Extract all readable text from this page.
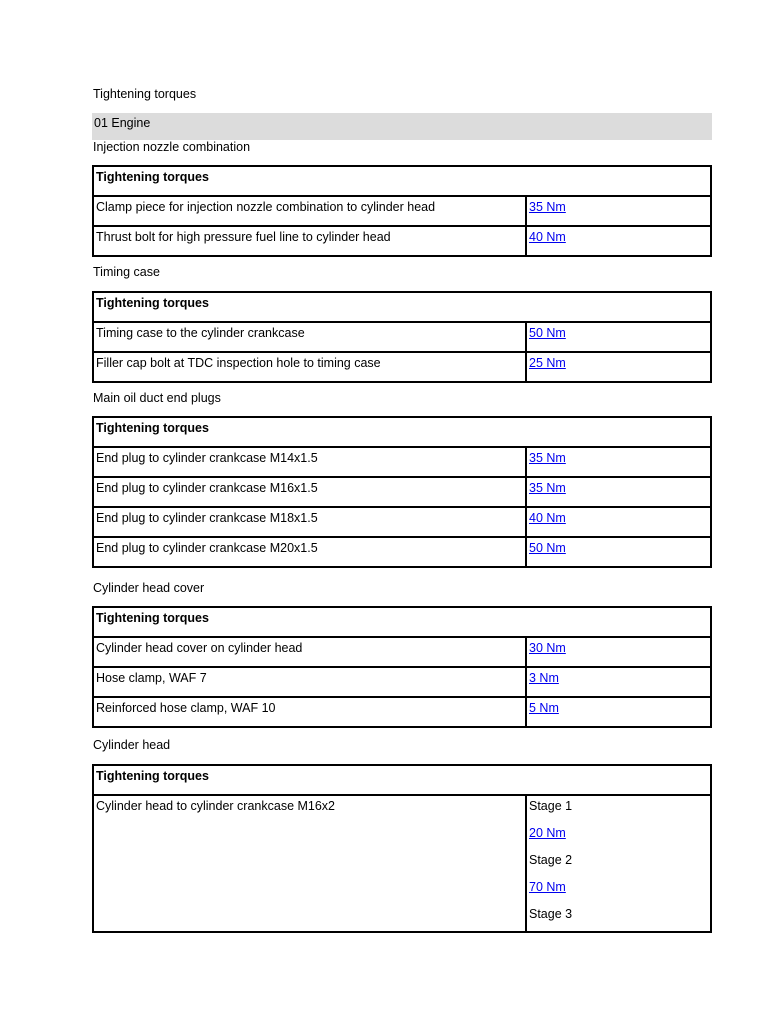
Tightening torques
01 Engine
Injection nozzle combination
Tightening torques	
Clamp piece for injection nozzle combination to cylinder head	35 Nm
Thrust bolt for high pressure fuel line to cylinder head	40 Nm
Timing case
Tightening torques	
Timing case to the cylinder crankcase	50 Nm
Filler cap bolt at TDC inspection hole to timing case	25 Nm
Main oil duct end plugs
Tightening torques	
End plug to cylinder crankcase M14x1.5	35 Nm
End plug to cylinder crankcase M16x1.5	35 Nm
End plug to cylinder crankcase M18x1.5	40 Nm
End plug to cylinder crankcase M20x1.5	50 Nm
Cylinder head cover
Tightening torques	
Cylinder head cover on cylinder head	30 Nm
Hose clamp, WAF 7	3 Nm
Reinforced hose clamp, WAF 10	5 Nm
Cylinder head
Tightening torques
Cylinder head to cylinder crankcase M16x2	Stage 1
20 Nm
Stage 2
70 Nm
Stage 3
